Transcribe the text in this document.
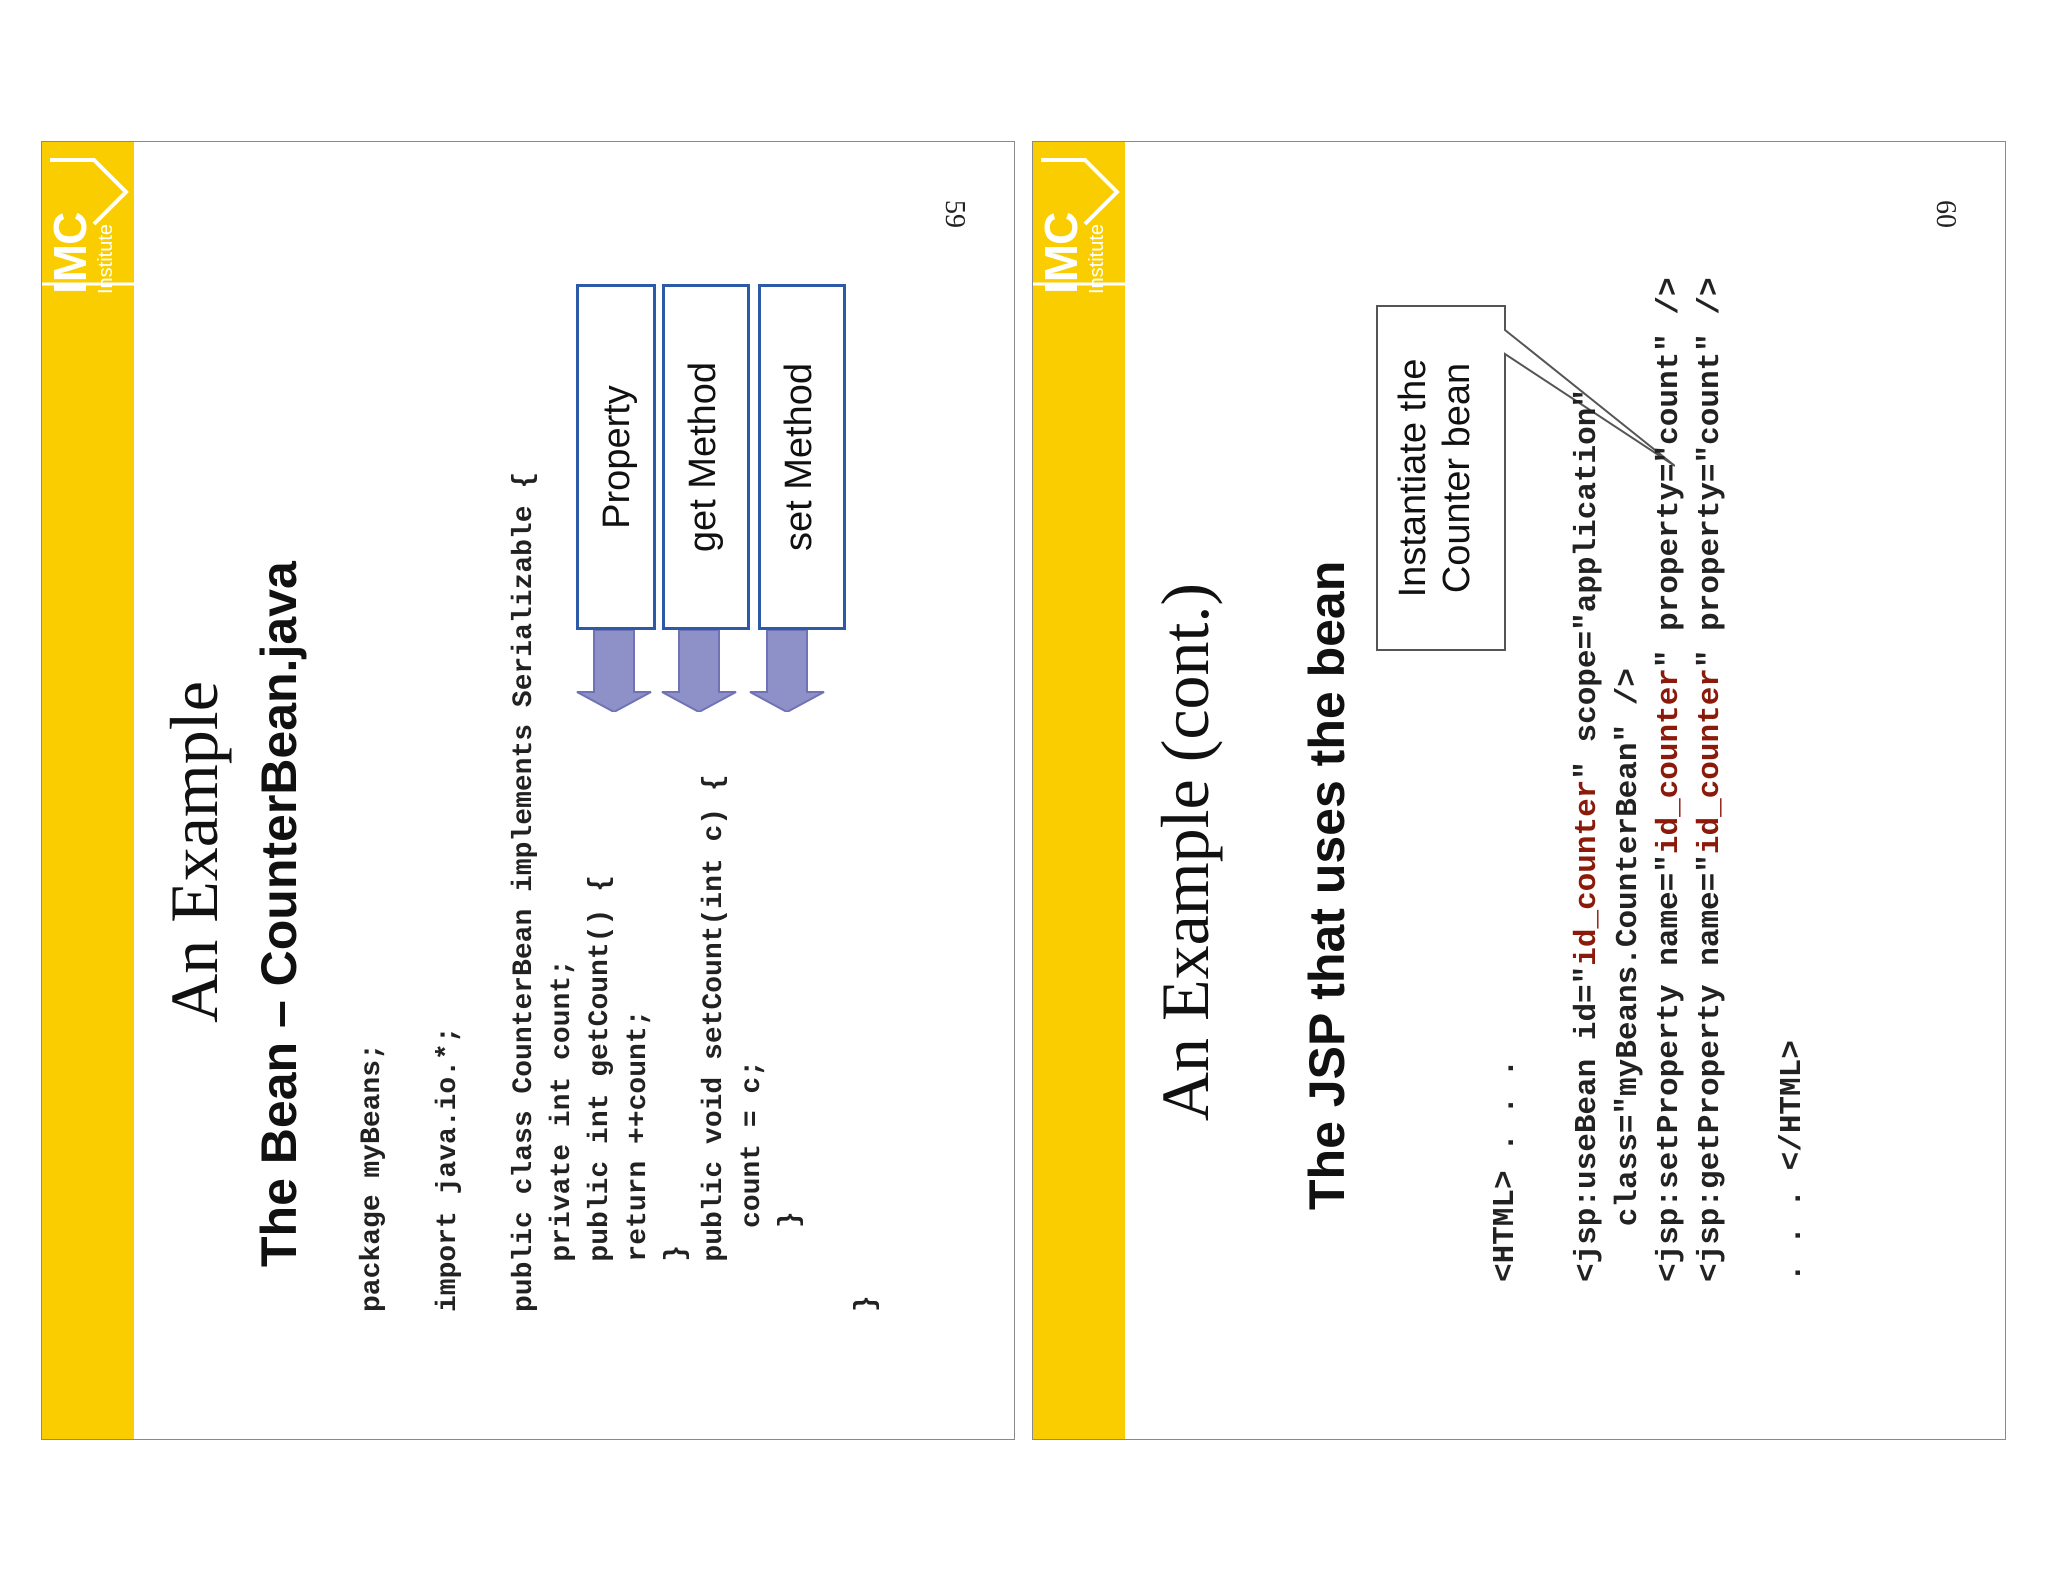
IMC Institute
59
An Example The Bean – CounterBean.java package myBeans; import java.io.*; public class CounterBean implements Serializable {
private int count;
public int getCount() {
return ++count;
}
public void setCount(int c) {
count = c;
} }
Property	get Method	set Method
IMC Institute
60
An Example (cont.) The JSP that uses the bean
Instantiate the Counter bean
<HTML> . . . <jsp:useBean id="id_counter" scope="application"
class="myBeans.CounterBean" /> <jsp:setProperty name="id_counter" property="count" />
<jsp:getProperty name="id_counter" property="count" />

. . . </HTML>
